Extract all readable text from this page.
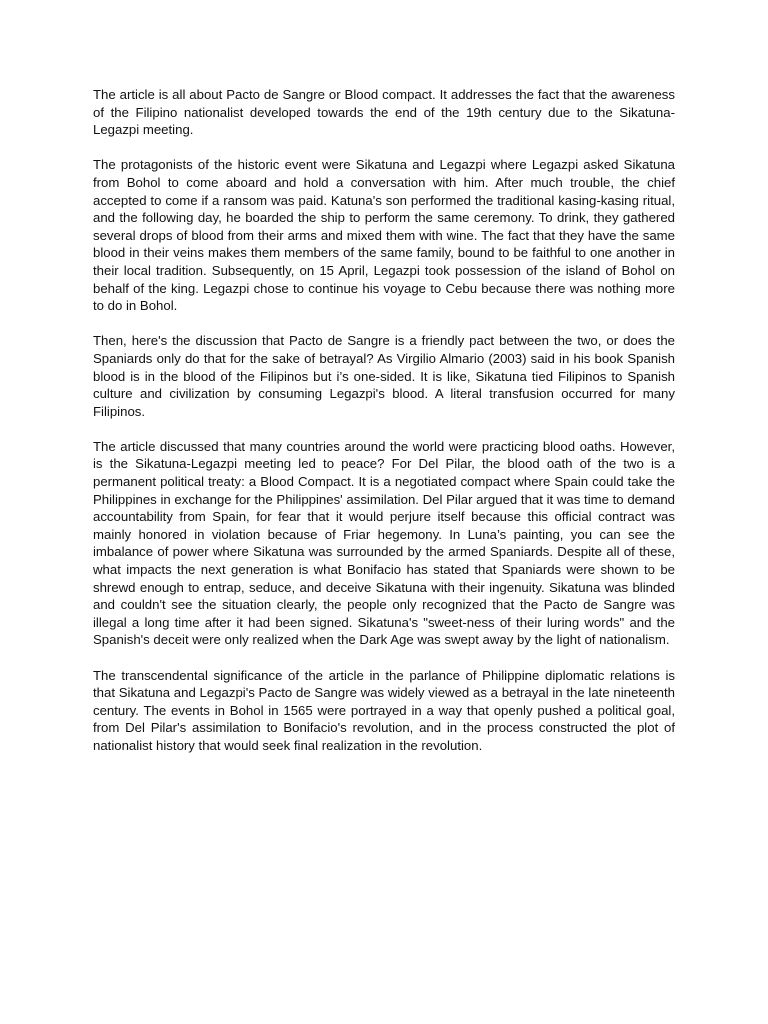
The article is all about Pacto de Sangre or Blood compact. It addresses the fact that the awareness of the Filipino nationalist developed towards the end of the 19th century due to the Sikatuna-Legazpi meeting.

The protagonists of the historic event were Sikatuna and Legazpi where Legazpi asked Sikatuna from Bohol to come aboard and hold a conversation with him. After much trouble, the chief accepted to come if a ransom was paid. Katuna's son performed the traditional kasing-kasing ritual, and the following day, he boarded the ship to perform the same ceremony. To drink, they gathered several drops of blood from their arms and mixed them with wine. The fact that they have the same blood in their veins makes them members of the same family, bound to be faithful to one another in their local tradition. Subsequently, on 15 April, Legazpi took possession of the island of Bohol on behalf of the king. Legazpi chose to continue his voyage to Cebu because there was nothing more to do in Bohol.

Then, here's the discussion that Pacto de Sangre is a friendly pact between the two, or does the Spaniards only do that for the sake of betrayal? As Virgilio Almario (2003) said in his book Spanish blood is in the blood of the Filipinos but i’s one-sided. It is like, Sikatuna tied Filipinos to Spanish culture and civilization by consuming Legazpi's blood. A literal transfusion occurred for many Filipinos.

The article discussed that many countries around the world were practicing blood oaths. However, is the Sikatuna-Legazpi meeting led to peace? For Del Pilar, the blood oath of the two is a permanent political treaty: a Blood Compact. It is a negotiated compact where Spain could take the Philippines in exchange for the Philippines' assimilation. Del Pilar argued that it was time to demand accountability from Spain, for fear that it would perjure itself because this official contract was mainly honored in violation because of Friar hegemony. In Luna’s painting, you can see the imbalance of power where Sikatuna was surrounded by the armed Spaniards. Despite all of these, what impacts the next generation is what Bonifacio has stated that Spaniards were shown to be shrewd enough to entrap, seduce, and deceive Sikatuna with their ingenuity. Sikatuna was blinded and couldn't see the situation clearly, the people only recognized that the Pacto de Sangre was illegal a long time after it had been signed. Sikatuna's "sweet-ness of their luring words" and the Spanish's deceit were only realized when the Dark Age was swept away by the light of nationalism.

The transcendental significance of the article in the parlance of Philippine diplomatic relations is that Sikatuna and Legazpi's Pacto de Sangre was widely viewed as a betrayal in the late nineteenth century. The events in Bohol in 1565 were portrayed in a way that openly pushed a political goal, from Del Pilar's assimilation to Bonifacio's revolution, and in the process constructed the plot of nationalist history that would seek final realization in the revolution.
